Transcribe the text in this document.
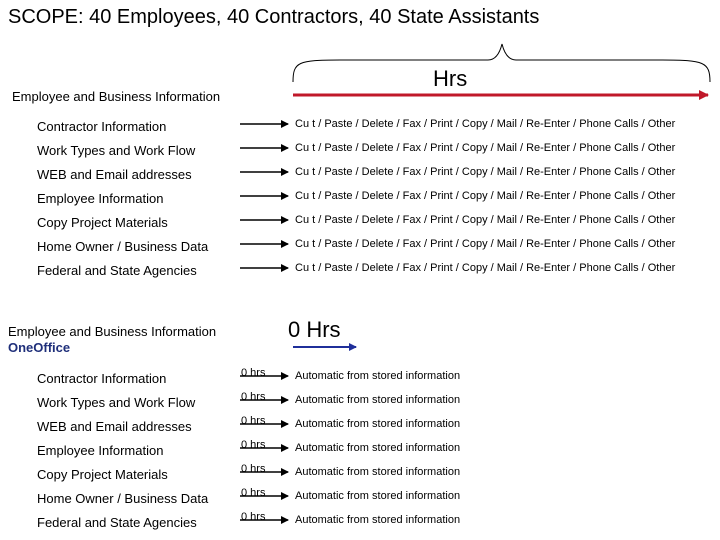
SCOPE: 40 Employees, 40 Contractors, 40 State Assistants
Employee and Business Information
Hrs
Contractor Information	Cu t / Paste / Delete / Fax / Print / Copy / Mail / Re-Enter / Phone Calls / Other
Work Types and Work Flow	Cu t / Paste / Delete / Fax / Print / Copy / Mail / Re-Enter / Phone Calls / Other
WEB and Email addresses	Cu t / Paste / Delete / Fax / Print / Copy / Mail / Re-Enter / Phone Calls / Other
Employee Information	Cu t / Paste / Delete / Fax / Print / Copy / Mail / Re-Enter / Phone Calls / Other
Copy Project Materials	Cu t / Paste / Delete / Fax / Print / Copy / Mail / Re-Enter / Phone Calls / Other
Home Owner / Business Data	Cu t / Paste / Delete / Fax / Print / Copy / Mail / Re-Enter / Phone Calls / Other
Federal and State Agencies	Cu t / Paste / Delete / Fax / Print / Copy / Mail / Re-Enter / Phone Calls / Other
Employee and Business Information
OneOffice
0 Hrs
Contractor Information	0 hrs	Automatic from stored information
Work Types and Work Flow	0 hrs	Automatic from stored information
WEB and Email addresses	0 hrs	Automatic from stored information
Employee Information	0 hrs	Automatic from stored information
Copy Project Materials	0 hrs	Automatic from stored information
Home Owner / Business Data	0 hrs	Automatic from stored information
Federal and State Agencies	0 hrs	Automatic from stored information
